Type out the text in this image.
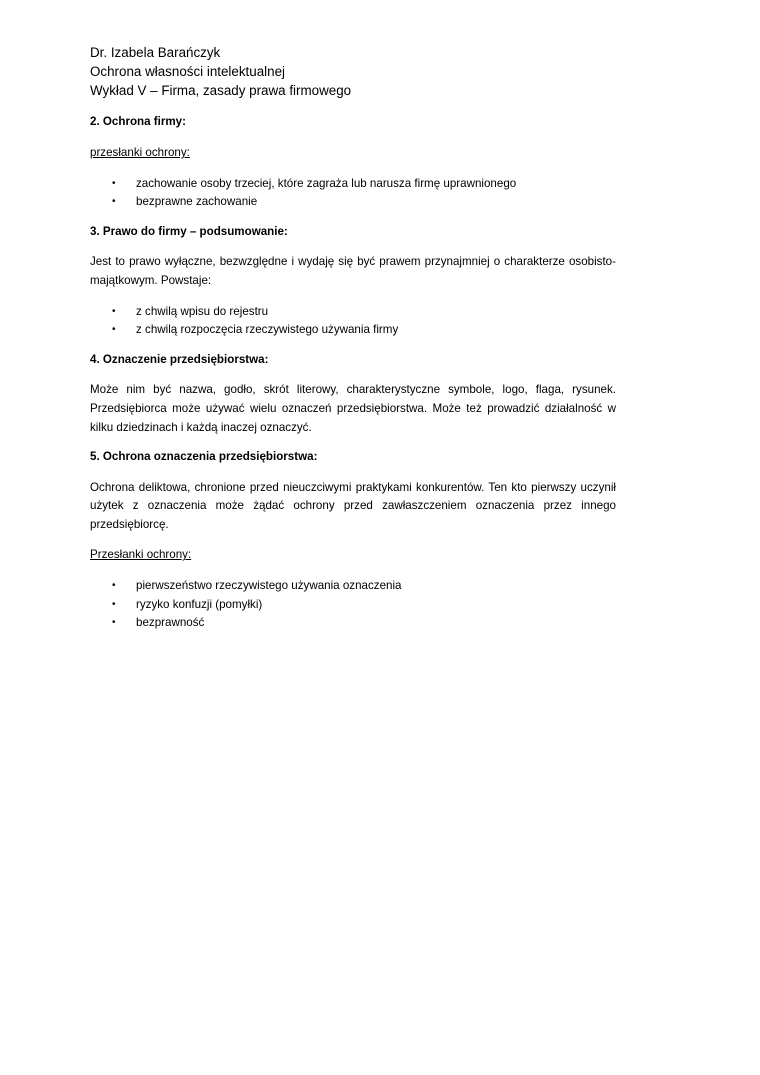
Dr. Izabela Barańczyk

Ochrona własności intelektualnej

Wykład V – Firma, zasady prawa firmowego

2. Ochrona firmy:

przesłanki ochrony:

• zachowanie osoby trzeciej, które zagraża lub narusza firmę uprawnionego
• bezprawne zachowanie

3. Prawo do firmy – podsumowanie:

Jest to prawo wyłączne, bezwzględne i wydaję się być prawem przynajmniej o charakterze osobisto-majątkowym. Powstaje:

• z chwilą wpisu do rejestru
• z chwilą rozpoczęcia rzeczywistego używania firmy

4. Oznaczenie przedsiębiorstwa:

Może nim być nazwa, godło, skrót literowy, charakterystyczne symbole, logo, flaga, rysunek. Przedsiębiorca może używać wielu oznaczeń przedsiębiorstwa. Może też prowadzić działalność w kilku dziedzinach i każdą inaczej oznaczyć.

5. Ochrona oznaczenia przedsiębiorstwa:

Ochrona deliktowa, chronione przed nieuczciwymi praktykami konkurentów. Ten kto pierwszy uczynił użytek z oznaczenia może żądać ochrony przed zawłaszczeniem oznaczenia przez innego przedsiębiorcę.

Przesłanki ochrony:

• pierwszeństwo rzeczywistego używania oznaczenia
• ryzyko konfuzji (pomyłki)
• bezprawność
